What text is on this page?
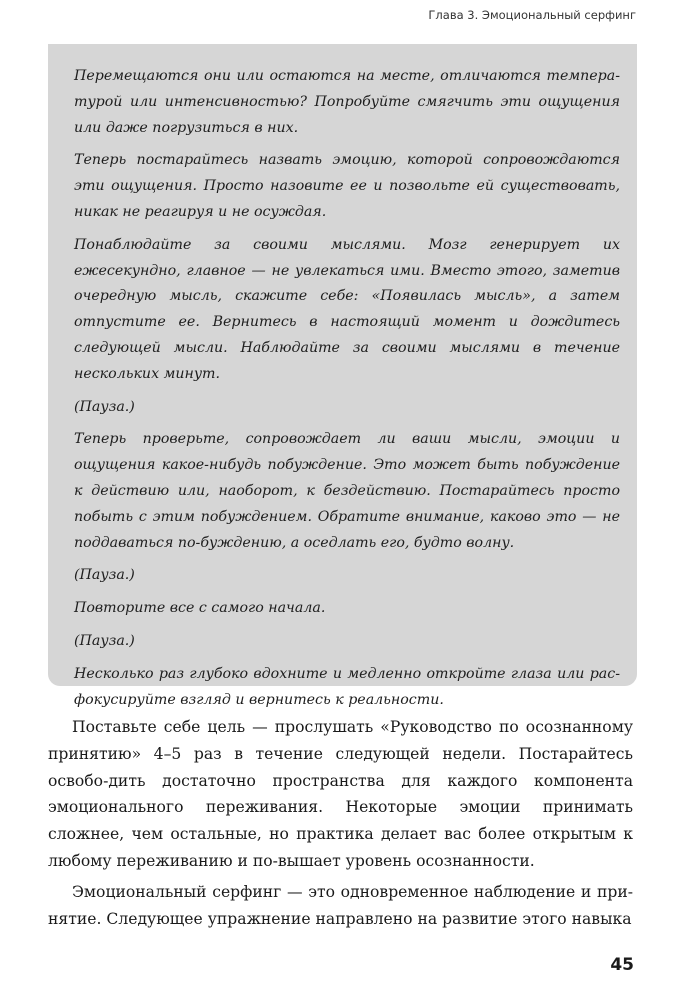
Глава 3. Эмоциональный серфинг

Перемещаются они или остаются на месте, отличаются темпера-турой или интенсивностью? Попробуйте смягчить эти ощущения или даже погрузиться в них.

Теперь постарайтесь назвать эмоцию, которой сопровождаются эти ощущения. Просто назовите ее и позвольте ей существовать, никак не реагируя и не осуждая.

Понаблюдайте за своими мыслями. Мозг генерирует их ежесекундно, главное — не увлекаться ими. Вместо этого, заметив очередную мысль, скажите себе: «Появилась мысль», а затем отпустите ее. Вернитесь в настоящий момент и дождитесь следующей мысли. Наблюдайте за своими мыслями в течение нескольких минут.

(Пауза.)

Теперь проверьте, сопровождает ли ваши мысли, эмоции и ощущения какое-нибудь побуждение. Это может быть побуждение к действию или, наоборот, к бездействию. Постарайтесь просто побыть с этим побуждением. Обратите внимание, каково это — не поддаваться по-буждению, а оседлать его, будто волну.

(Пауза.)

Повторите все с самого начала.

(Пауза.)

Несколько раз глубоко вдохните и медленно откройте глаза или рас-фокусируйте взгляд и вернитесь к реальности.

Поставьте себе цель — прослушать «Руководство по осознанному принятию» 4–5 раз в течение следующей недели. Постарайтесь освобо-дить достаточно пространства для каждого компонента эмоционального переживания. Некоторые эмоции принимать сложнее, чем остальные, но практика делает вас более открытым к любому переживанию и по-вышает уровень осознанности.

Эмоциональный серфинг — это одновременное наблюдение и при-нятие. Следующее упражнение направлено на развитие этого навыка

45
